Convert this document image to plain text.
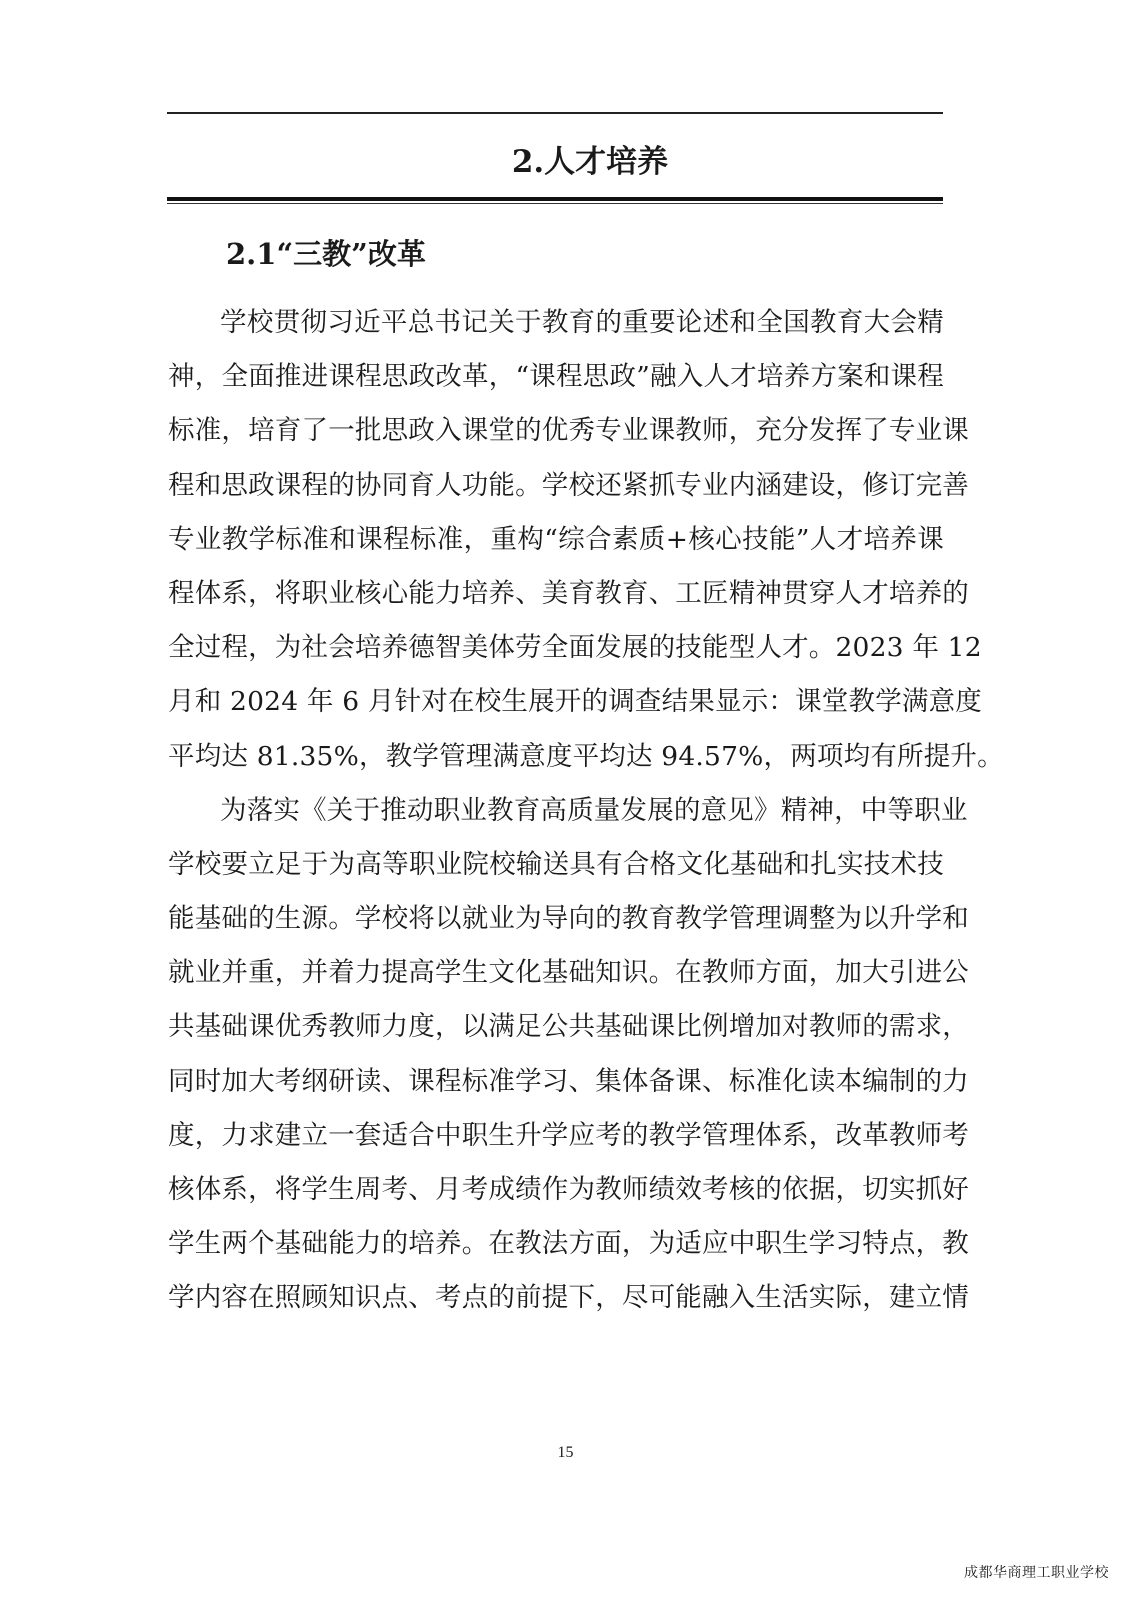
2.人才培养
2.1“三教”改革
学校贯彻习近平总书记关于教育的重要论述和全国教育大会精
神，全面推进课程思政改革，“课程思政”融入人才培养方案和课程
标准，培育了一批思政入课堂的优秀专业课教师，充分发挥了专业课
程和思政课程的协同育人功能。学校还紧抓专业内涵建设，修订完善
专业教学标准和课程标准，重构“综合素质+核心技能”人才培养课
程体系，将职业核心能力培养、美育教育、工匠精神贯穿人才培养的
全过程，为社会培养德智美体劳全面发展的技能型人才。2023 年 12
月和 2024 年 6 月针对在校生展开的调查结果显示：课堂教学满意度
平均达 81.35%，教学管理满意度平均达 94.57%，两项均有所提升。
为落实《关于推动职业教育高质量发展的意见》精神，中等职业
学校要立足于为高等职业院校输送具有合格文化基础和扎实技术技
能基础的生源。学校将以就业为导向的教育教学管理调整为以升学和
就业并重，并着力提高学生文化基础知识。在教师方面，加大引进公
共基础课优秀教师力度，以满足公共基础课比例增加对教师的需求，
同时加大考纲研读、课程标准学习、集体备课、标准化读本编制的力
度，力求建立一套适合中职生升学应考的教学管理体系，改革教师考
核体系，将学生周考、月考成绩作为教师绩效考核的依据，切实抓好
学生两个基础能力的培养。在教法方面，为适应中职生学习特点，教
学内容在照顾知识点、考点的前提下，尽可能融入生活实际，建立情
15
成都华商理工职业学校
